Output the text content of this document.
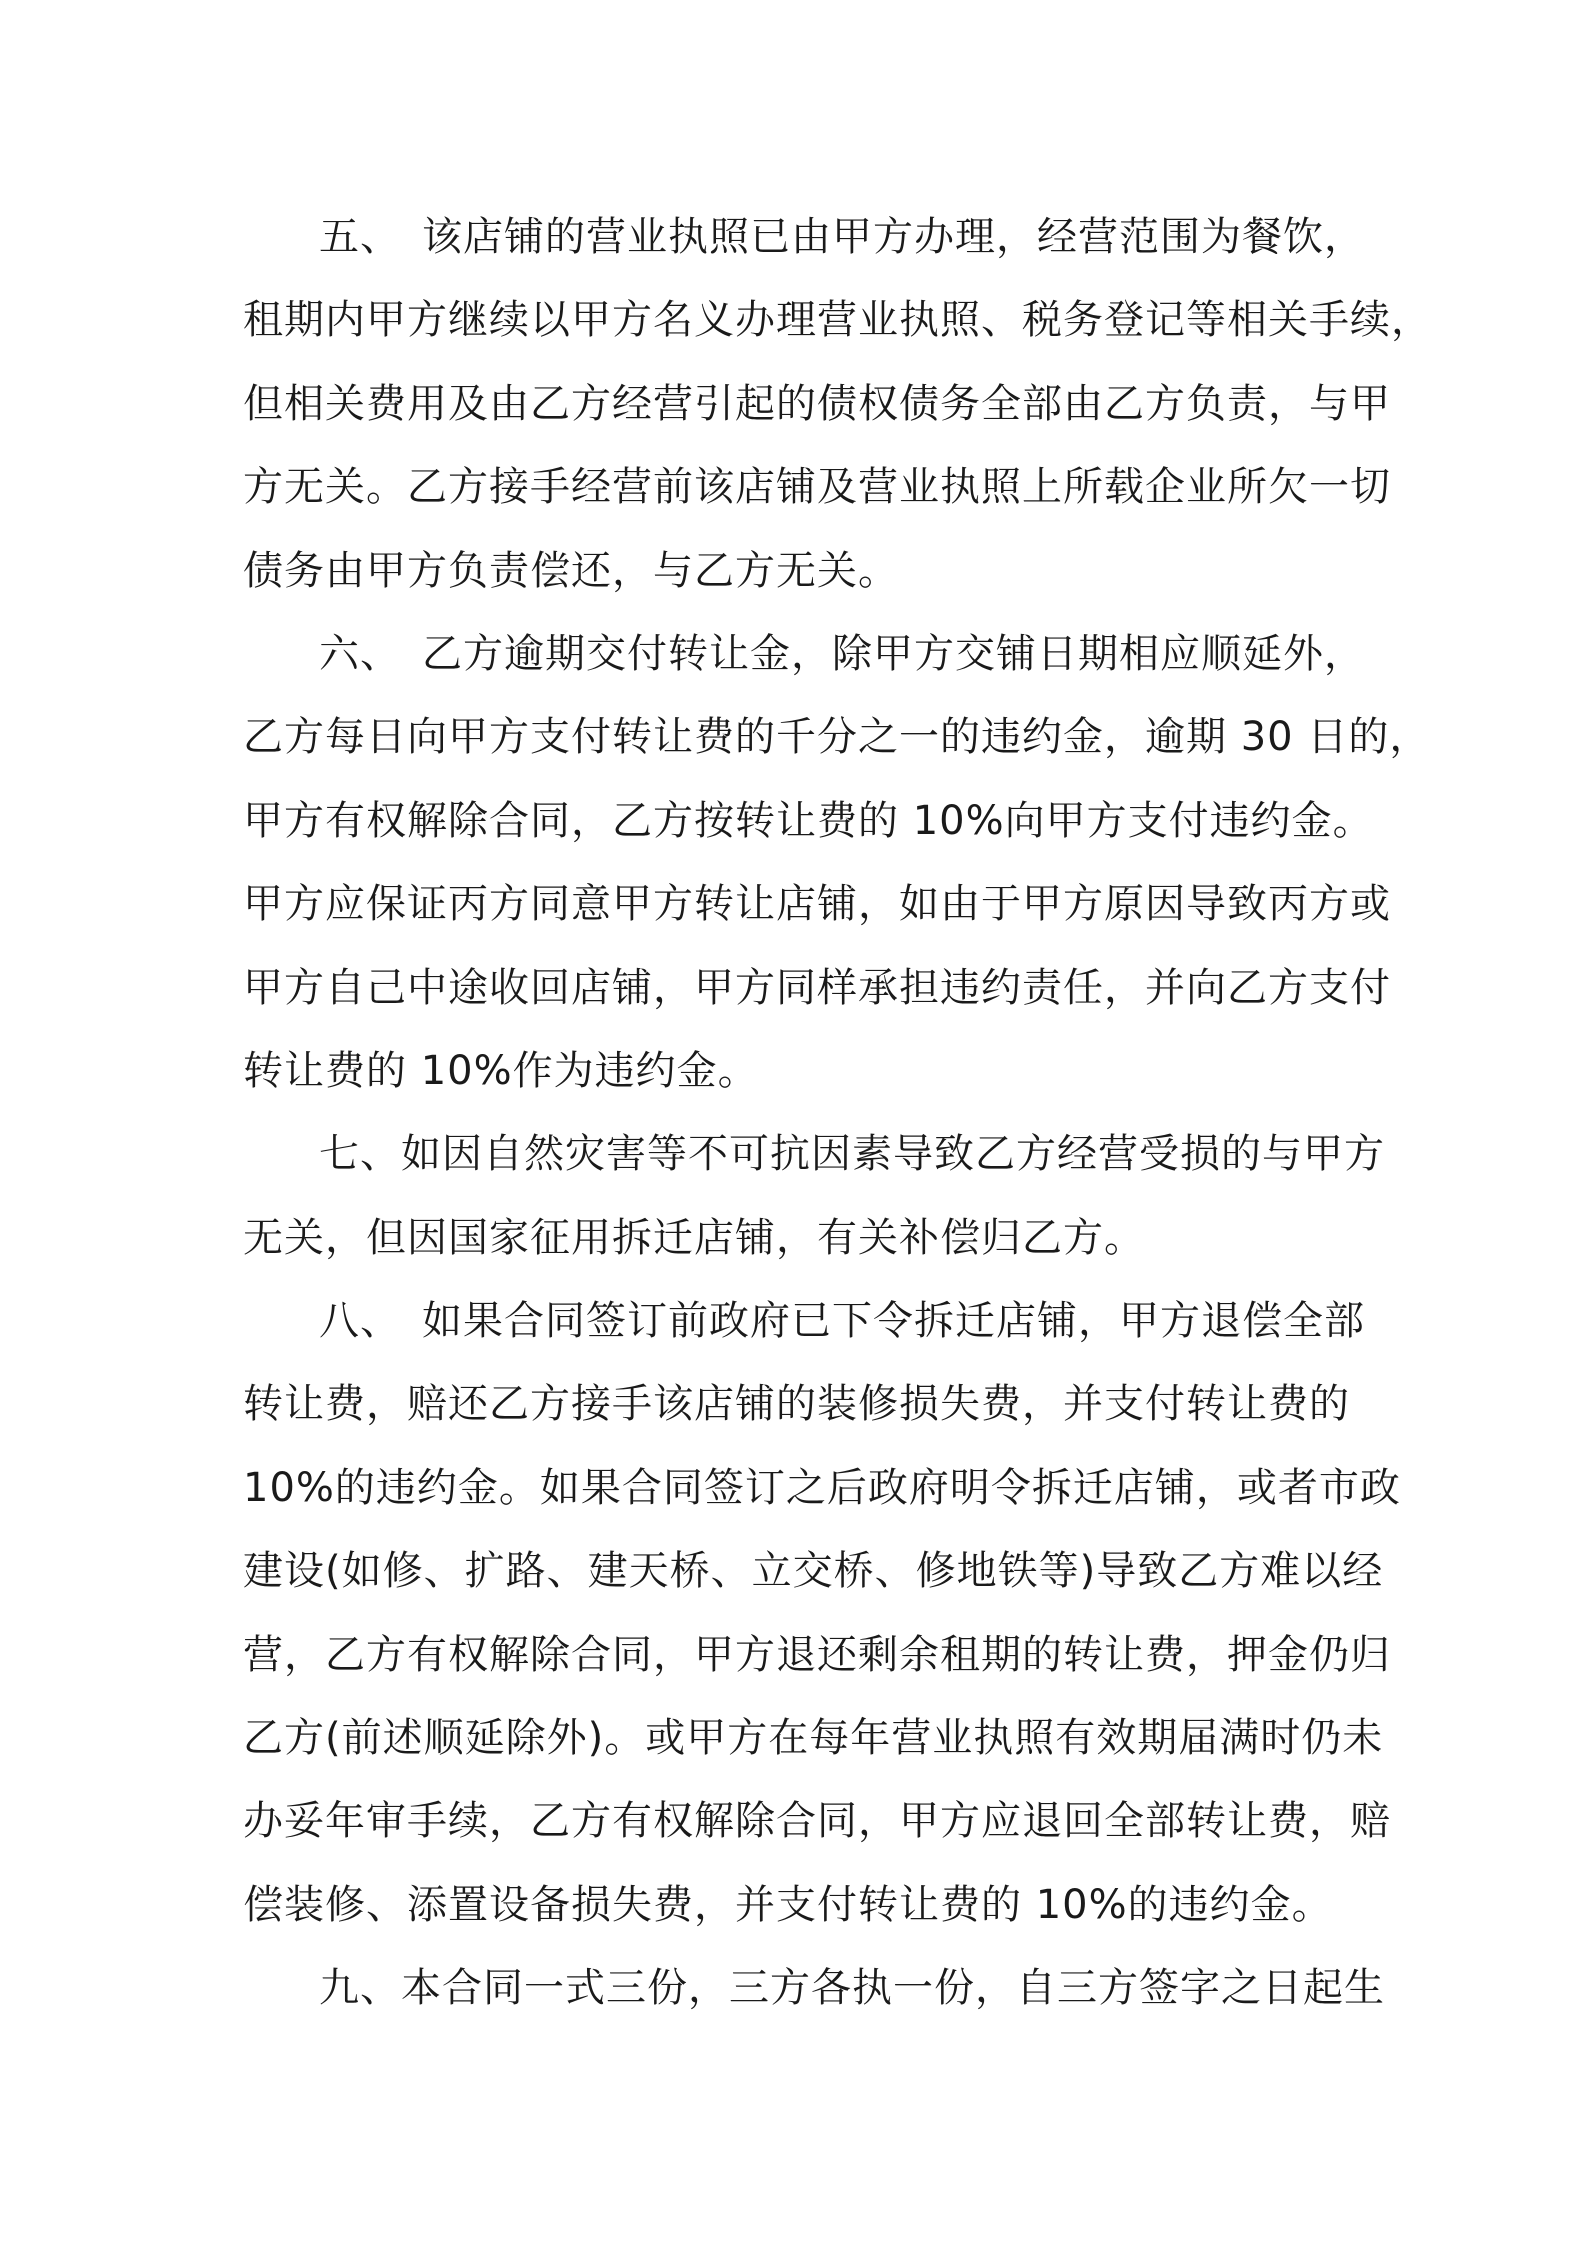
五、　该店铺的营业执照已由甲方办理，经营范围为餐饮，
租期内甲方继续以甲方名义办理营业执照、税务登记等相关手续，
但相关费用及由乙方经营引起的债权债务全部由乙方负责，与甲
方无关。乙方接手经营前该店铺及营业执照上所载企业所欠一切
债务由甲方负责偿还，与乙方无关。
六、　乙方逾期交付转让金，除甲方交铺日期相应顺延外，
乙方每日向甲方支付转让费的千分之一的违约金，逾期 30 日的，
甲方有权解除合同，乙方按转让费的 10%向甲方支付违约金。
甲方应保证丙方同意甲方转让店铺，如由于甲方原因导致丙方或
甲方自己中途收回店铺，甲方同样承担违约责任，并向乙方支付
转让费的 10%作为违约金。
七、如因自然灾害等不可抗因素导致乙方经营受损的与甲方
无关，但因国家征用拆迁店铺，有关补偿归乙方。
八、　如果合同签订前政府已下令拆迁店铺，甲方退偿全部
转让费，赔还乙方接手该店铺的装修损失费，并支付转让费的
10%的违约金。如果合同签订之后政府明令拆迁店铺，或者市政
建设(如修、扩路、建天桥、立交桥、修地铁等)导致乙方难以经
营，乙方有权解除合同，甲方退还剩余租期的转让费，押金仍归
乙方(前述顺延除外)。或甲方在每年营业执照有效期届满时仍未
办妥年审手续，乙方有权解除合同，甲方应退回全部转让费，赔
偿装修、添置设备损失费，并支付转让费的 10%的违约金。
九、本合同一式三份，三方各执一份，自三方签字之日起生
